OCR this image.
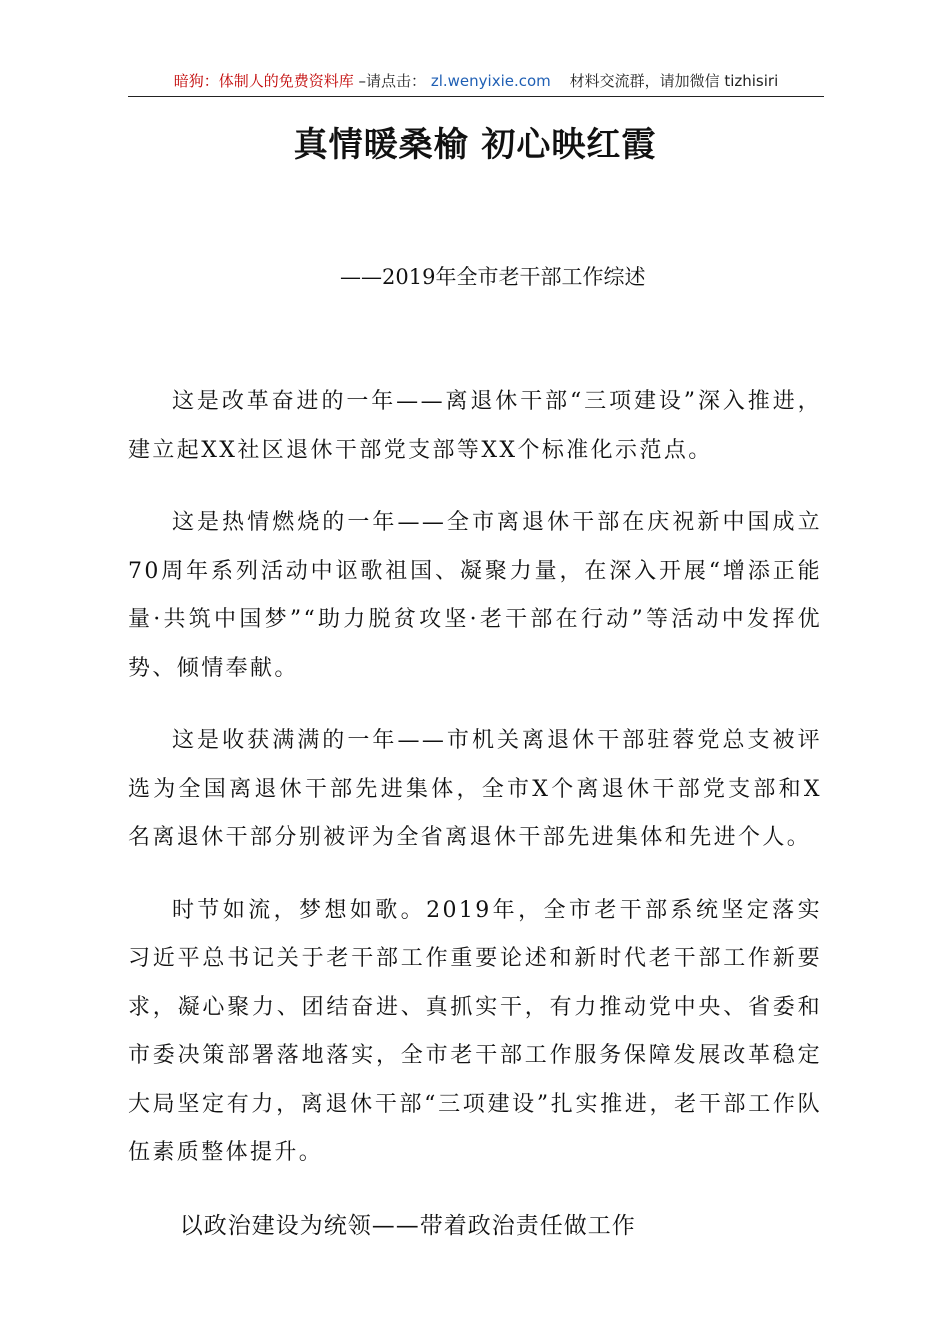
暗狗：体制人的免费资料库 –请点击： zl.wenyixie.com 材料交流群，请加微信 tizhisiri
真情暖桑榆 初心映红霞
——2019年全市老干部工作综述

这是改革奋进的一年——离退休干部“三项建设”深入推进，建立起XX社区退休干部党支部等XX个标准化示范点。

这是热情燃烧的一年——全市离退休干部在庆祝新中国成立70周年系列活动中讴歌祖国、凝聚力量，在深入开展“增添正能量·共筑中国梦”“助力脱贫攻坚·老干部在行动”等活动中发挥优势、倾情奉献。

这是收获满满的一年——市机关离退休干部驻蓉党总支被评选为全国离退休干部先进集体，全市X个离退休干部党支部和X名离退休干部分别被评为全省离退休干部先进集体和先进个人。

时节如流，梦想如歌。2019年，全市老干部系统坚定落实习近平总书记关于老干部工作重要论述和新时代老干部工作新要求，凝心聚力、团结奋进、真抓实干，有力推动党中央、省委和市委决策部署落地落实，全市老干部工作服务保障发展改革稳定大局坚定有力，离退休干部“三项建设”扎实推进，老干部工作队伍素质整体提升。

以政治建设为统领——带着政治责任做工作
